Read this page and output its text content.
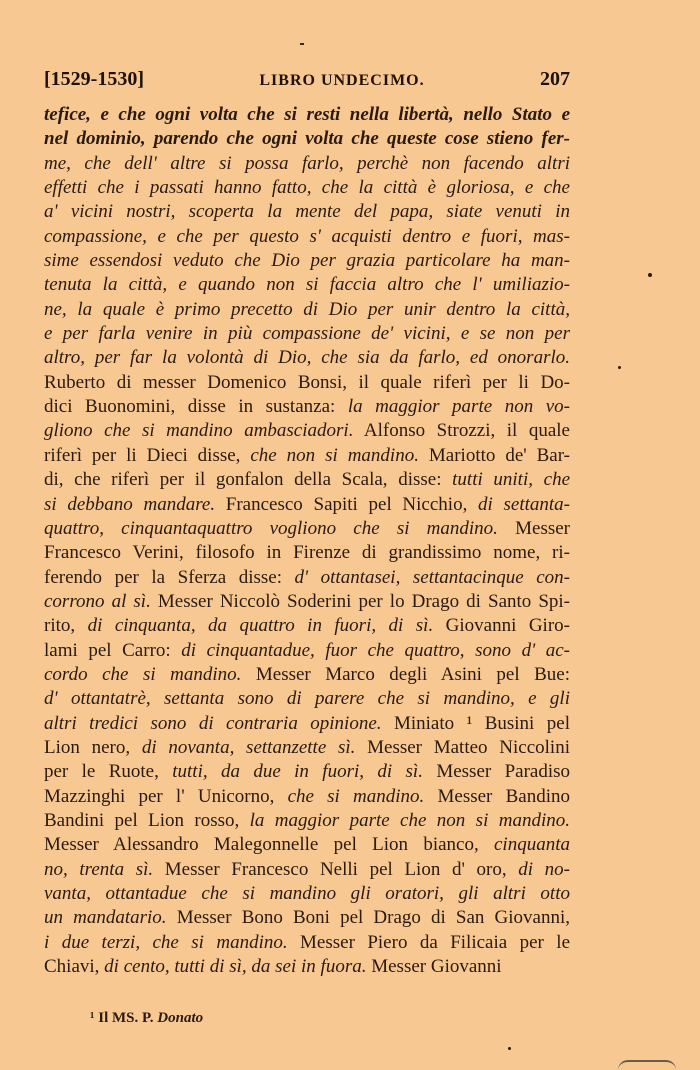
[1529-1530]	LIBRO UNDECIMO.	207
tefice, e che ogni volta che si resti nella libertà, nello Stato e
nel dominio, parendo che ogni volta che queste cose stieno fer-
me, che dell' altre si possa farlo, perchè non facendo altri
effetti che i passati hanno fatto, che la città è gloriosa, e che
a' vicini nostri, scoperta la mente del papa, siate venuti in
compassione, e che per questo s' acquisti dentro e fuori, mas-
sime essendosi veduto che Dio per grazia particolare ha man-
tenuta la città, e quando non si faccia altro che l' umiliazio-
ne, la quale è primo precetto di Dio per unir dentro la città,
e per farla venire in più compassione de' vicini, e se non per
altro, per far la volontà di Dio, che sia da farlo, ed onorarlo.
Ruberto di messer Domenico Bonsi, il quale riferì per li Do-
dici Buonomini, disse in sustanza: la maggior parte non vo-
gliono che si mandino ambasciadori. Alfonso Strozzi, il quale
riferì per li Dieci disse, che non si mandino. Mariotto de' Bar-
di, che riferì per il gonfalon della Scala, disse: tutti uniti, che
si debbano mandare. Francesco Sapiti pel Nicchio, di settanta-
quattro, cinquantaquattro vogliono che si mandino. Messer
Francesco Verini, filosofo in Firenze di grandissimo nome, ri-
ferendo per la Sferza disse: d' ottantasei, settantacinque con-
corrono al sì. Messer Niccolò Soderini per lo Drago di Santo Spi-
rito, di cinquanta, da quattro in fuori, di sì. Giovanni Giro-
lami pel Carro: di cinquantadue, fuor che quattro, sono d' ac-
cordo che si mandino. Messer Marco degli Asini pel Bue:
d' ottantatrè, settanta sono di parere che si mandino, e gli
altri tredici sono di contraria opinione. Miniato ¹ Busini pel
Lion nero, di novanta, settanzette sì. Messer Matteo Niccolini
per le Ruote, tutti, da due in fuori, di sì. Messer Paradiso
Mazzinghi per l' Unicorno, che si mandino. Messer Bandino
Bandini pel Lion rosso, la maggior parte che non si mandino.
Messer Alessandro Malegonnelle pel Lion bianco, cinquanta
no, trenta sì. Messer Francesco Nelli pel Lion d' oro, di no-
vanta, ottantadue che si mandino gli oratori, gli altri otto
un mandatario. Messer Bono Boni pel Drago di San Giovanni,
i due terzi, che si mandino. Messer Piero da Filicaia per le
Chiavi, di cento, tutti di sì, da sei in fuora. Messer Giovanni
¹ Il MS. P. Donato
